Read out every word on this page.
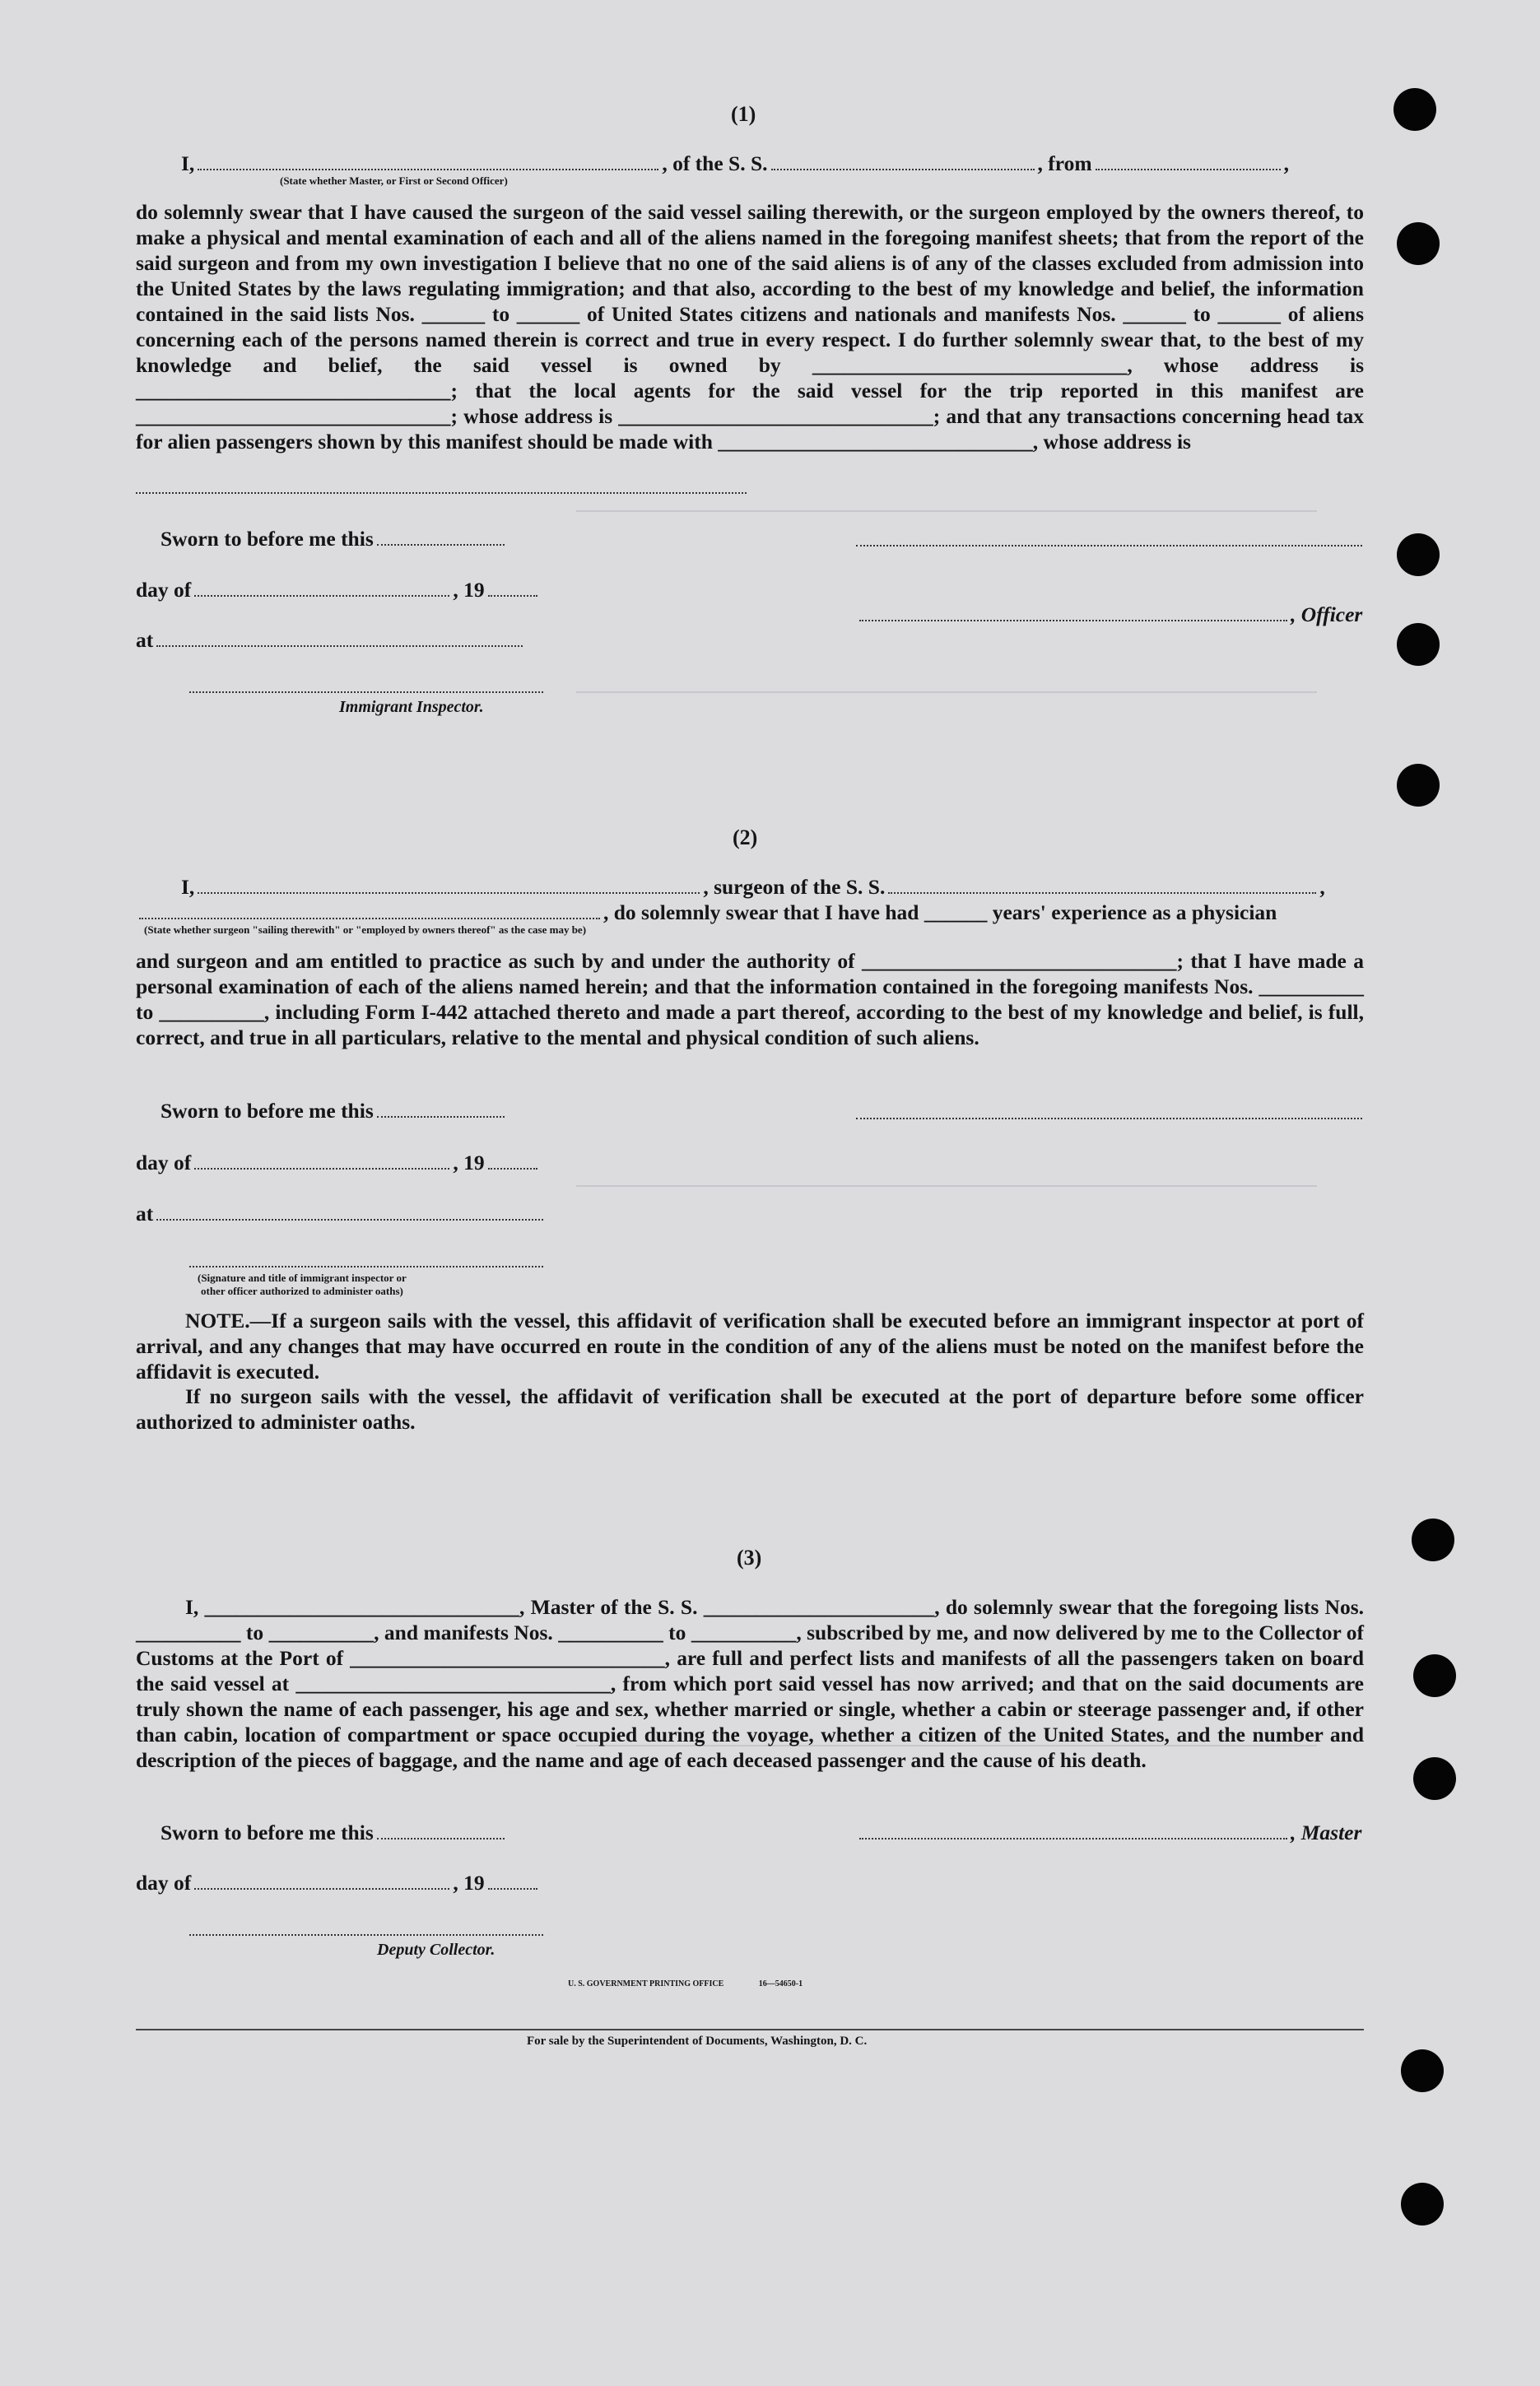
(1)
I,	, of the S. S.	, from	,
(State whether Master, or First or Second Officer)
do solemnly swear that I have caused the surgeon of the said vessel sailing therewith, or the surgeon employed by the owners thereof, to make a physical and mental examination of each and all of the aliens named in the foregoing manifest sheets; that from the report of the said surgeon and from my own investigation I believe that no one of the said aliens is of any of the classes excluded from admission into the United States by the laws regulating immigration; and that also, according to the best of my knowledge and belief, the information contained in the said lists Nos. ______ to ______ of United States citizens and nationals and manifests Nos. ______ to ______ of aliens concerning each of the persons named therein is correct and true in every respect. I do further solemnly swear that, to the best of my knowledge and belief, the said vessel is owned by ______________________________, whose address is ______________________________; that the local agents for the said vessel for the trip reported in this manifest are ______________________________; whose address is ______________________________; and that any transactions concerning head tax for alien passengers shown by this manifest should be made with ______________________________, whose address is
Sworn to before me this
day of	, 19
, Officer
at
Immigrant Inspector.
(2)
I,	, surgeon of the S. S.	,
, do solemnly swear that I have had ______ years' experience as a physician
(State whether surgeon "sailing therewith" or "employed by owners thereof" as the case may be)
and surgeon and am entitled to practice as such by and under the authority of ______________________________; that I have made a personal examination of each of the aliens named herein; and that the information contained in the foregoing manifests Nos. __________ to __________, including Form I-442 attached thereto and made a part thereof, according to the best of my knowledge and belief, is full, correct, and true in all particulars, relative to the mental and physical condition of such aliens.
Sworn to before me this
day of	, 19
at
(Signature and title of immigrant inspector or
other officer authorized to administer oaths)
NOTE.—If a surgeon sails with the vessel, this affidavit of verification shall be executed before an immigrant inspector at port of arrival, and any changes that may have occurred en route in the condition of any of the aliens must be noted on the manifest before the affidavit is executed.
If no surgeon sails with the vessel, the affidavit of verification shall be executed at the port of departure before some officer authorized to administer oaths.
(3)
I, ______________________________, Master of the S. S. ______________________, do solemnly swear that the foregoing lists Nos. __________ to __________, and manifests Nos. __________ to __________, subscribed by me, and now delivered by me to the Collector of Customs at the Port of ______________________________, are full and perfect lists and manifests of all the passengers taken on board the said vessel at ______________________________, from which port said vessel has now arrived; and that on the said documents are truly shown the name of each passenger, his age and sex, whether married or single, whether a cabin or steerage passenger and, if other than cabin, location of compartment or space occupied during the voyage, whether a citizen of the United States, and the number and description of the pieces of baggage, and the name and age of each deceased passenger and the cause of his death.
Sworn to before me this	, Master
day of	, 19
Deputy Collector.
U. S. GOVERNMENT PRINTING OFFICE	16—54650-1
For sale by the Superintendent of Documents, Washington, D. C.
